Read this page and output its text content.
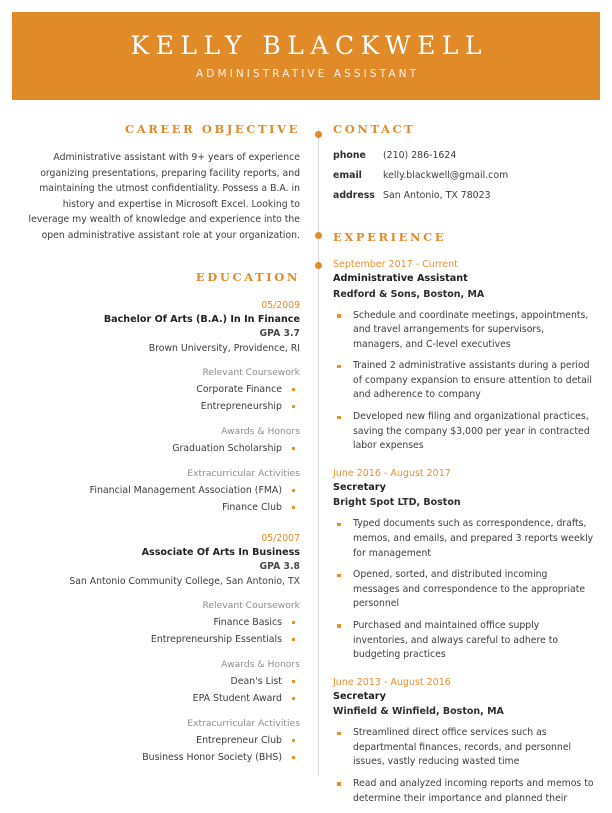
KELLY BLACKWELL
ADMINISTRATIVE ASSISTANT
CAREER OBJECTIVE
Administrative assistant with 9+ years of experience organizing presentations, preparing facility reports, and maintaining the utmost confidentiality. Possess a B.A. in history and expertise in Microsoft Excel. Looking to leverage my wealth of knowledge and experience into the open administrative assistant role at your organization.
EDUCATION
05/2009
Bachelor Of Arts (B.A.) In In Finance
GPA 3.7
Brown University, Providence, RI
Relevant Coursework
Corporate Finance
Entrepreneurship
Awards & Honors
Graduation Scholarship
Extracurricular Activities
Financial Management Association (FMA)
Finance Club
05/2007
Associate Of Arts In Business
GPA 3.8
San Antonio Community College, San Antonio, TX
Relevant Coursework
Finance Basics
Entrepreneurship Essentials
Awards & Honors
Dean's List
EPA Student Award
Extracurricular Activities
Entrepreneur Club
Business Honor Society (BHS)
CONTACT
phone	(210) 286-1624
email	kelly.blackwell@gmail.com
address San Antonio, TX 78023
EXPERIENCE
September 2017 - Current
Administrative Assistant
Redford & Sons, Boston, MA
Schedule and coordinate meetings, appointments, and travel arrangements for supervisors, managers, and C-level executives
Trained 2 administrative assistants during a period of company expansion to ensure attention to detail and adherence to company
Developed new filing and organizational practices, saving the company $3,000 per year in contracted labor expenses
June 2016 - August 2017
Secretary
Bright Spot LTD, Boston
Typed documents such as correspondence, drafts, memos, and emails, and prepared 3 reports weekly for management
Opened, sorted, and distributed incoming messages and correspondence to the appropriate personnel
Purchased and maintained office supply inventories, and always careful to adhere to budgeting practices
June 2013 - August 2016
Secretary
Winfield & Winfield, Boston, MA
Streamlined direct office services such as departmental finances, records, and personnel issues, vastly reducing wasted time
Read and analyzed incoming reports and memos to determine their importance and planned their
